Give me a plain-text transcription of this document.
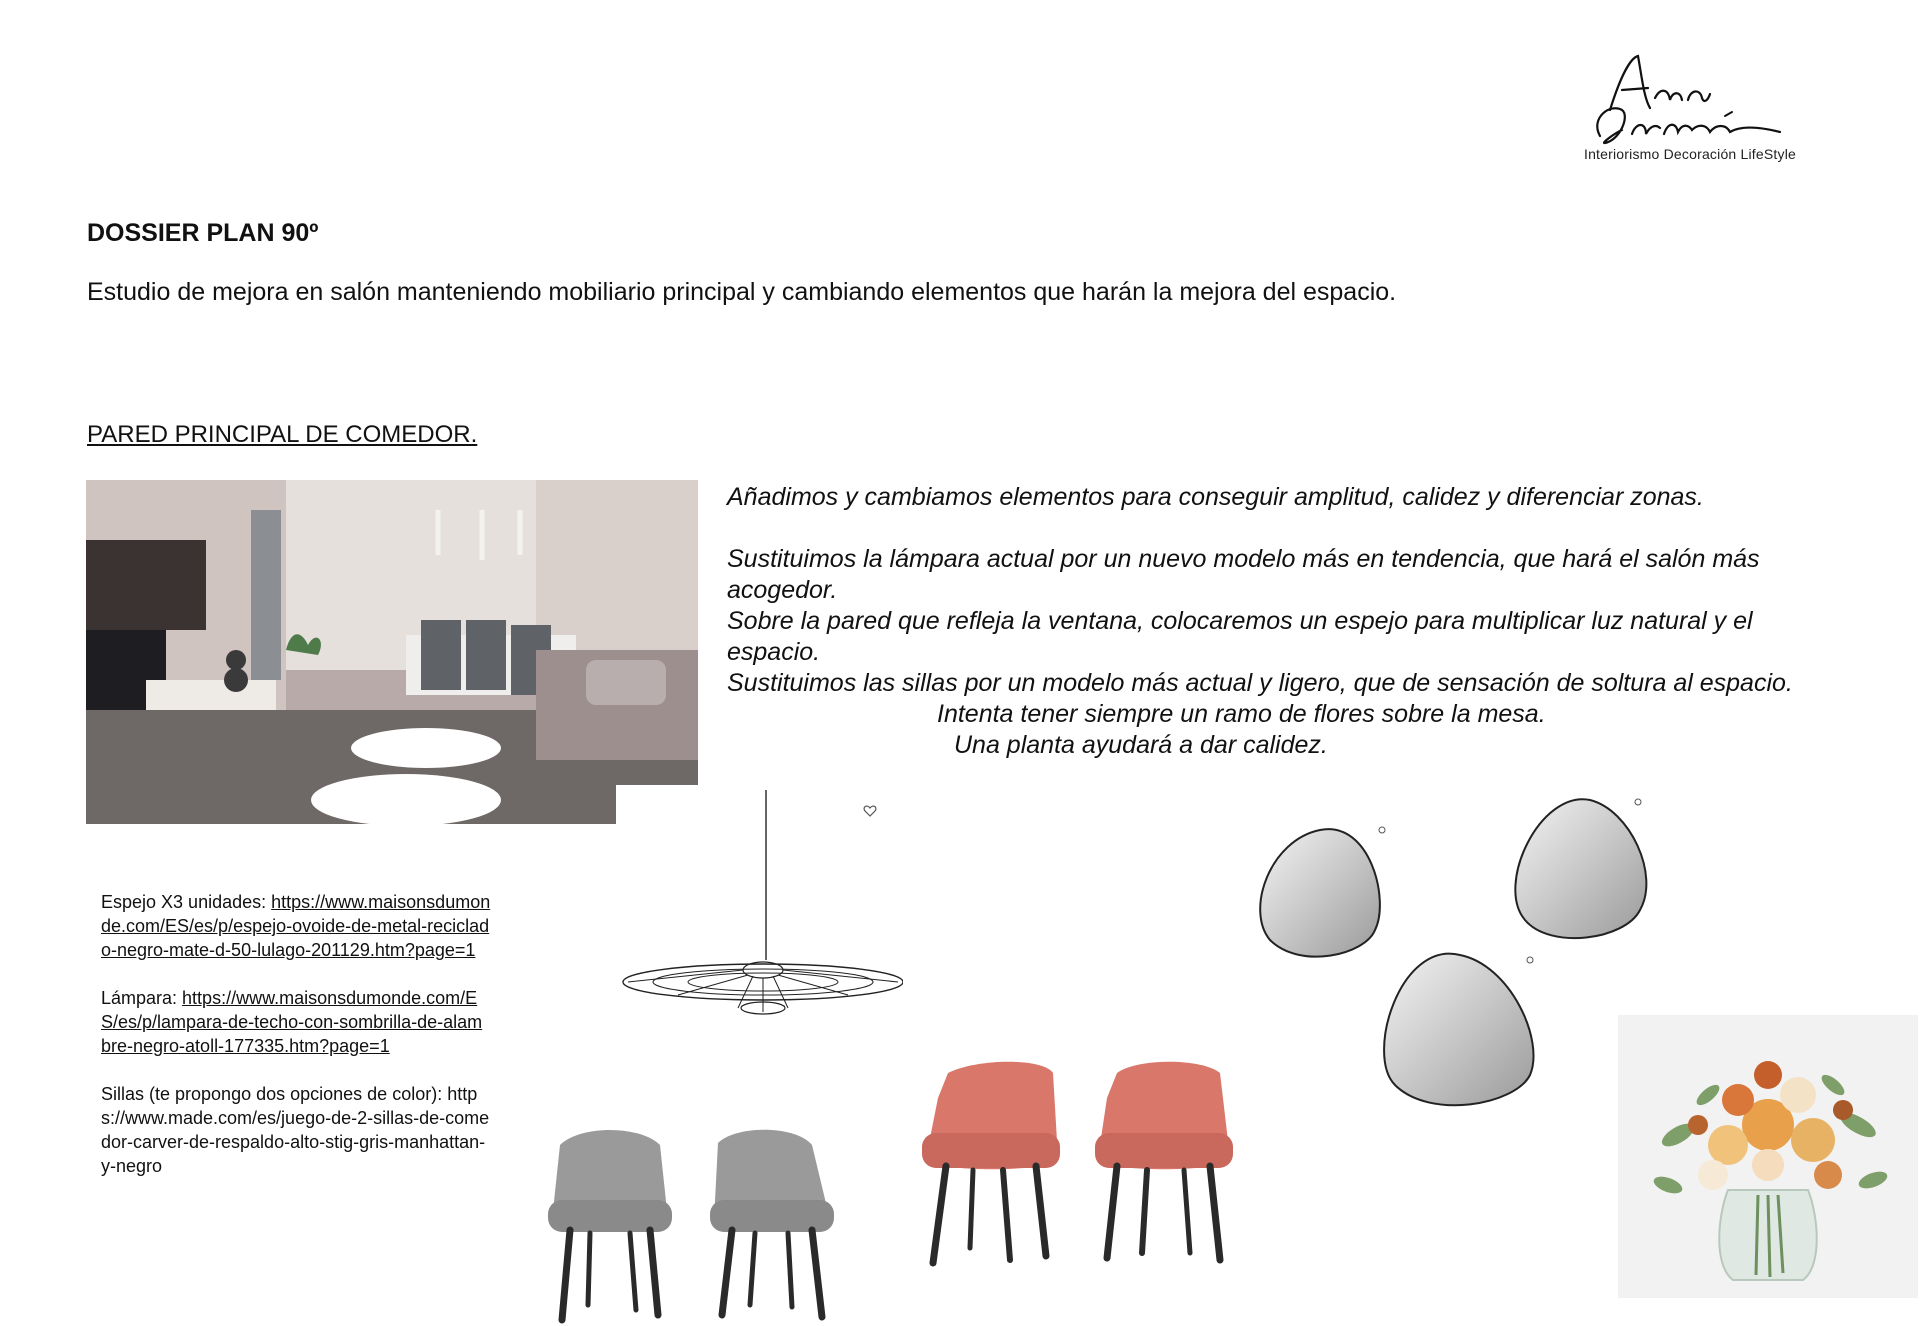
Interiorismo Decoración LifeStyle
DOSSIER PLAN 90º
Estudio de mejora en salón manteniendo mobiliario principal y cambiando elementos que harán la mejora del espacio.
PARED PRINCIPAL DE COMEDOR.

Añadimos y cambiamos elementos para conseguir amplitud, calidez y diferenciar zonas.

Sustituimos la lámpara actual por un nuevo modelo más en tendencia, que hará el salón más acogedor.

Sobre la pared que refleja la ventana, colocaremos un espejo para multiplicar luz natural y el espacio.

Sustituimos las sillas por un modelo más actual y ligero, que de sensación de soltura al espacio.

Intenta tener siempre un ramo de flores sobre la mesa.

Una planta ayudará a dar calidez.

Espejo X3 unidades: https://www.maisonsdumonde.com/ES/es/p/espejo-ovoide-de-metal-reciclado-negro-mate-d-50-lulago-201129.htm?page=1
Lámpara: https://www.maisonsdumonde.com/ES/es/p/lampara-de-techo-con-sombrilla-de-alambre-negro-atoll-177335.htm?page=1
Sillas (te propongo dos opciones de color): https://www.made.com/es/juego-de-2-sillas-de-comedor-carver-de-respaldo-alto-stig-gris-manhattan-y-negro
